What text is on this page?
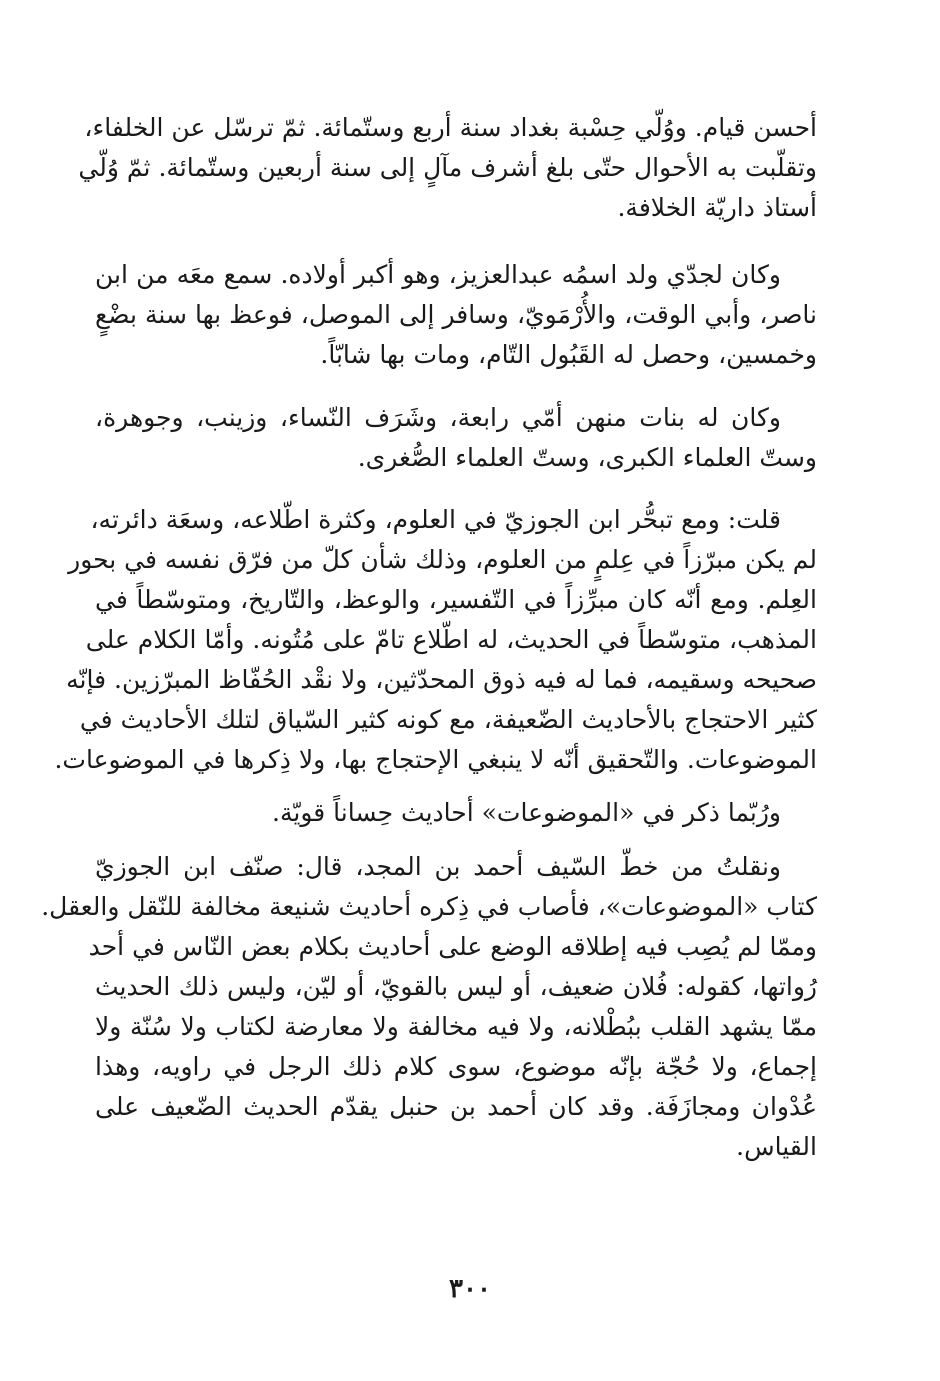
أحسن قيام. ووُلّي حِسْبة بغداد سنة أربع وستّمائة. ثمّ ترسّل عن الخلفاء،
وتقلّبت به الأحوال حتّى بلغ أشرف مآلٍ إلى سنة أربعين وستّمائة. ثمّ وُلّي
أستاذ داريّة الخلافة.

وكان لجدّي ولد اسمُه عبدالعزيز، وهو أكبر أولاده. سمع معَه من ابن
ناصر، وأبي الوقت، والأُرْمَويّ، وسافر إلى الموصل، فوعظ بها سنة بضْعٍ
وخمسين، وحصل له القَبُول التّام، ومات بها شابّاً.

وكان له بنات منهن أمّي رابعة، وشَرَف النّساء، وزينب، وجوهرة،
وستّ العلماء الكبرى، وستّ العلماء الصُّغرى.

قلت: ومع تبحُّر ابن الجوزيّ في العلوم، وكثرة اطّلاعه، وسعَة دائرته،
لم يكن مبرّزاً في عِلمٍ من العلوم، وذلك شأن كلّ من فرّق نفسه في بحور
العِلم. ومع أنّه كان مبرِّزاً في التّفسير، والوعظ، والتّاريخ، ومتوسّطاً في
المذهب، متوسّطاً في الحديث، له اطّلاع تامّ على مُتُونه. وأمّا الكلام على
صحيحه وسقيمه، فما له فيه ذوق المحدّثين، ولا نقْد الحُفّاظ المبرّزين. فإنّه
كثير الاحتجاج بالأحاديث الضّعيفة، مع كونه كثير السّياق لتلك الأحاديث في
الموضوعات. والتّحقيق أنّه لا ينبغي الإحتجاج بها، ولا ذِكرها في الموضوعات.

ورُبّما ذكر في «الموضوعات» أحاديث حِساناً قويّة.

ونقلتُ من خطّ السّيف أحمد بن المجد، قال: صنّف ابن الجوزيّ
كتاب «الموضوعات»، فأصاب في ذِكره أحاديث شنيعة مخالفة للنّقل والعقل.
وممّا لم يُصِب فيه إطلاقه الوضع على أحاديث بكلام بعض النّاس في أحد
رُواتها، كقوله: فُلان ضعيف، أو ليس بالقويّ، أو ليّن، وليس ذلك الحديث
ممّا يشهد القلب ببُطْلانه، ولا فيه مخالفة ولا معارضة لكتاب ولا سُنّة ولا
إجماع، ولا حُجّة بإنّه موضوع، سوى كلام ذلك الرجل في راويه، وهذا
عُدْوان ومجازَفَة. وقد كان أحمد بن حنبل يقدّم الحديث الضّعيف على
القياس.

٣٠٠
